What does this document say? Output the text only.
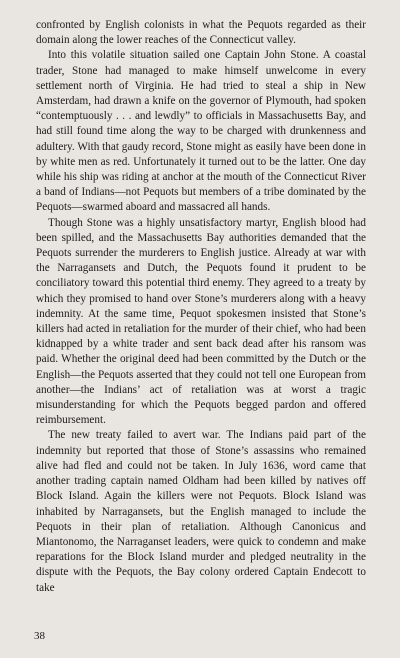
confronted by English colonists in what the Pequots regarded as their domain along the lower reaches of the Connecticut valley.

Into this volatile situation sailed one Captain John Stone. A coastal trader, Stone had managed to make himself unwelcome in every settlement north of Virginia. He had tried to steal a ship in New Amsterdam, had drawn a knife on the governor of Plymouth, had spoken “contemptuously . . . and lewdly” to officials in Massachusetts Bay, and had still found time along the way to be charged with drunkenness and adultery. With that gaudy record, Stone might as easily have been done in by white men as red. Unfortunately it turned out to be the latter. One day while his ship was riding at anchor at the mouth of the Connecticut River a band of Indians—not Pequots but members of a tribe dominated by the Pequots—swarmed aboard and massacred all hands.

Though Stone was a highly unsatisfactory martyr, English blood had been spilled, and the Massachusetts Bay authorities demanded that the Pequots surrender the murderers to English justice. Already at war with the Narragansets and Dutch, the Pequots found it prudent to be conciliatory toward this potential third enemy. They agreed to a treaty by which they promised to hand over Stone’s murderers along with a heavy indemnity. At the same time, Pequot spokesmen insisted that Stone’s killers had acted in retaliation for the murder of their chief, who had been kidnapped by a white trader and sent back dead after his ransom was paid. Whether the original deed had been committed by the Dutch or the English—the Pequots asserted that they could not tell one European from another—the Indians’ act of retaliation was at worst a tragic misunderstanding for which the Pequots begged pardon and offered reimbursement.

The new treaty failed to avert war. The Indians paid part of the indemnity but reported that those of Stone’s assassins who remained alive had fled and could not be taken. In July 1636, word came that another trading captain named Oldham had been killed by natives off Block Island. Again the killers were not Pequots. Block Island was inhabited by Narragansets, but the English managed to include the Pequots in their plan of retaliation. Although Canonicus and Miantonomo, the Narraganset leaders, were quick to condemn and make reparations for the Block Island murder and pledged neutrality in the dispute with the Pequots, the Bay colony ordered Captain Endecott to take

38
